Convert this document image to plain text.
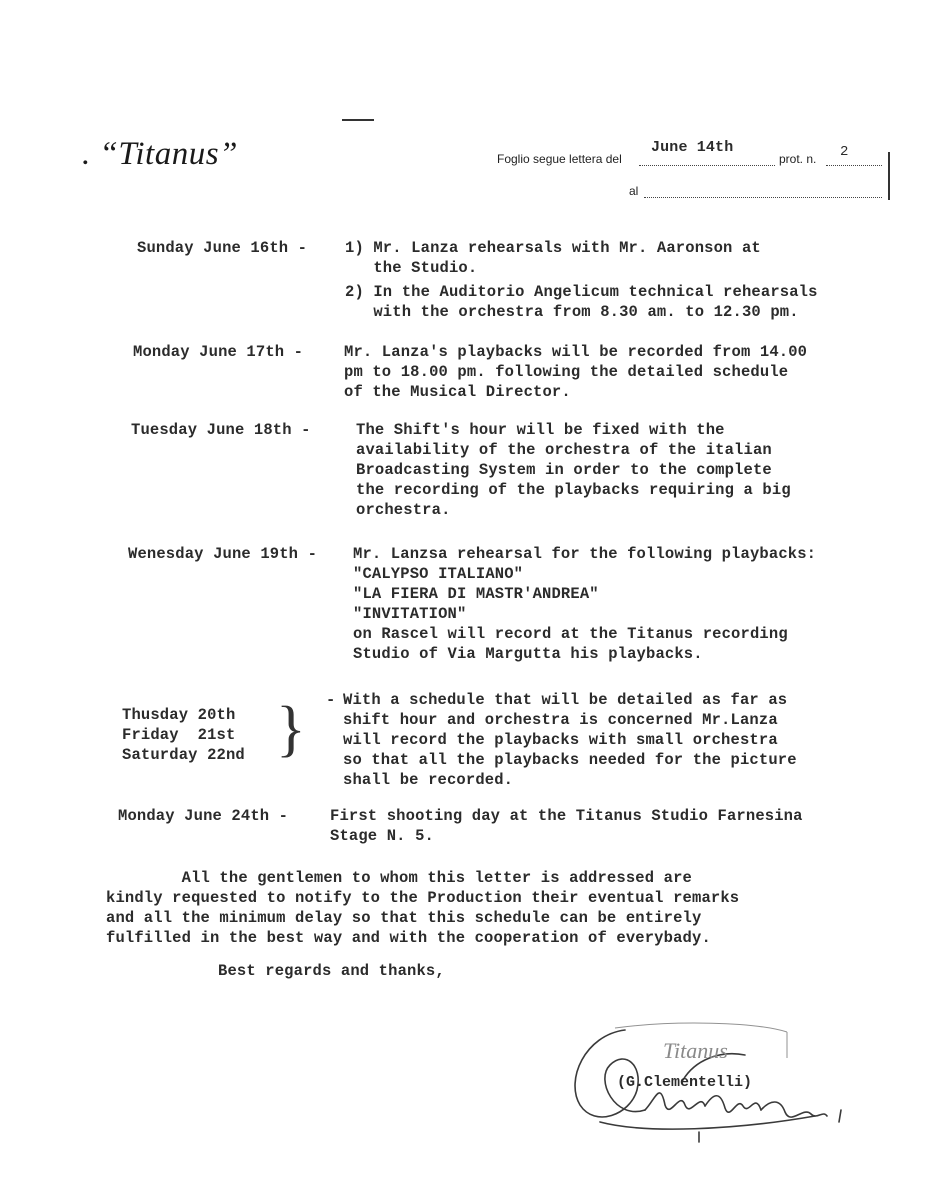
. “Titanus”	Foglio segue lettera del
June 14th
prot. n. 2
al
Sunday June 16th - 1) Mr. Lanza rehearsals with Mr. Aaronson at
the Studio.
2) In the Auditorio Angelicum technical rehearsals
with the orchestra from 8.30 am. to 12.30 pm.
Monday June 17th -	Mr. Lanza's playbacks will be recorded from 14.00
pm to 18.00 pm. following the detailed schedule
of the Musical Director.
Tuesday June 18th -	The Shift's hour will be fixed with the
availability of the orchestra of the italian
Broadcasting System in order to the complete
the recording of the playbacks requiring a big
orchestra.
Wenesday June 19th - Mr. Lanzsa rehearsal for the following playbacks:
"CALYPSO ITALIANO"
"LA FIERA DI MASTR'ANDREA"
"INVITATION"
on Rascel will record at the Titanus recording
Studio of Via Margutta his playbacks.
Thusday 20th
Friday  21st
Saturday 22nd } - With a schedule that will be detailed as far as
shift hour and orchestra is concerned Mr.Lanza
will record the playbacks with small orchestra
so that all the playbacks needed for the picture
shall be recorded.
Monday June 24th -	First shooting day at the Titanus Studio Farnesina
Stage N. 5.
All the gentlemen to whom this letter is addressed are
kindly requested to notify to the Production their eventual remarks
and all the minimum delay so that this schedule can be entirely
fulfilled in the best way and with the cooperation of everybady.
Best regards and thanks,
Titanus
(G.Clementelli)
